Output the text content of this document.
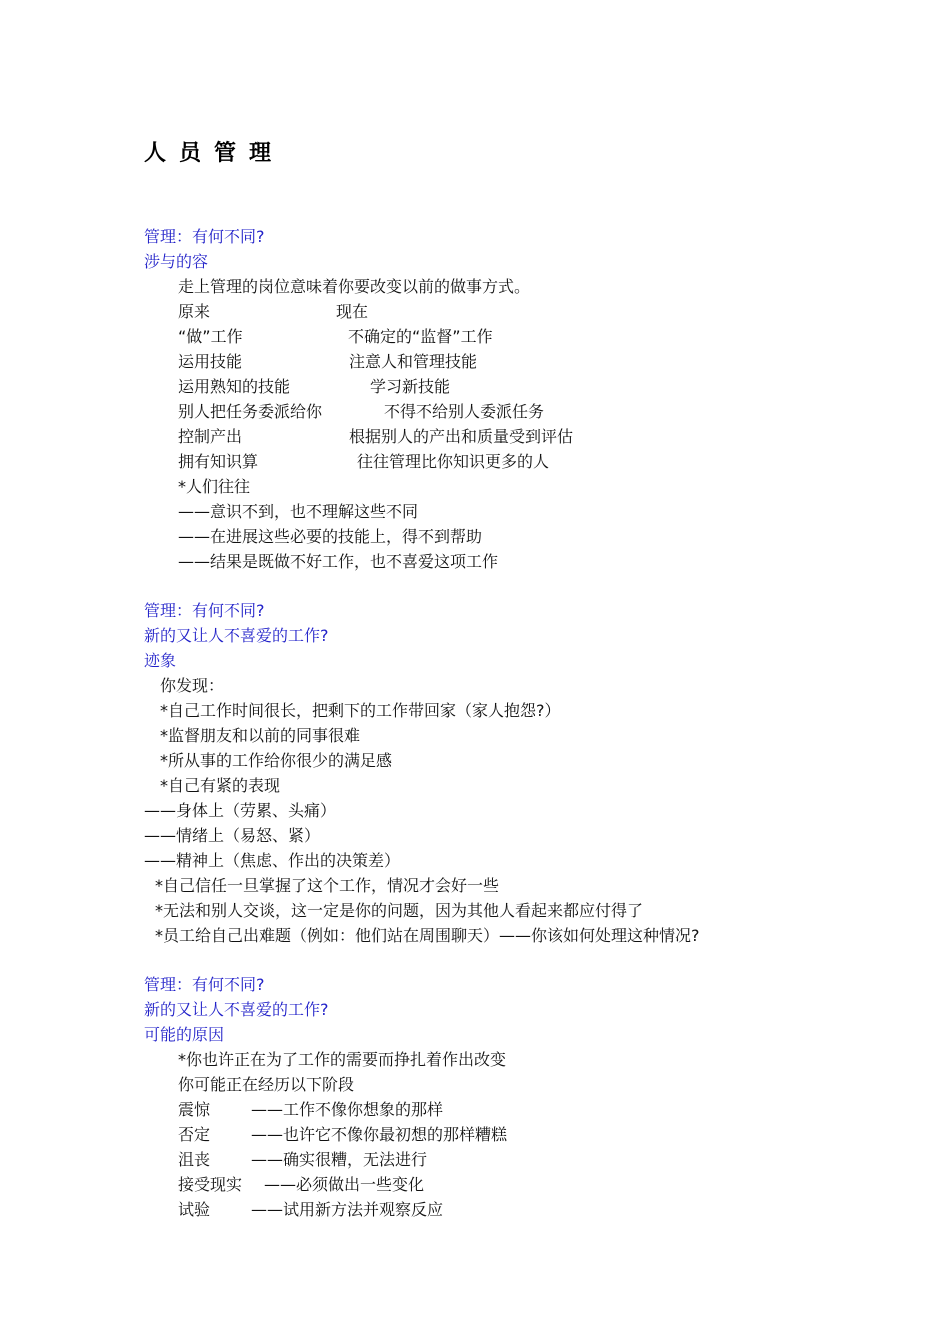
人员管理
管理：有何不同?
涉与的容
走上管理的岗位意味着你要改变以前的做事方式。
原来	现在
“做”工作	不确定的“监督”工作
运用技能	注意人和管理技能
运用熟知的技能	学习新技能
别人把任务委派给你	不得不给别人委派任务
控制产出	根据别人的产出和质量受到评估
拥有知识算	往往管理比你知识更多的人
*人们往往
——意识不到，也不理解这些不同
——在进展这些必要的技能上，得不到帮助
——结果是既做不好工作，也不喜爱这项工作
管理：有何不同?
新的又让人不喜爱的工作?
迹象
你发现：
*自己工作时间很长，把剩下的工作带回家（家人抱怨?）
*监督朋友和以前的同事很难
*所从事的工作给你很少的满足感
*自己有紧的表现
——身体上（劳累、头痛）
——情绪上（易怒、紧）
——精神上（焦虑、作出的决策差）
*自己信任一旦掌握了这个工作，情况才会好一些
*无法和别人交谈，这一定是你的问题，因为其他人看起来都应付得了
*员工给自己出难题（例如：他们站在周围聊天）——你该如何处理这种情况?
管理：有何不同?
新的又让人不喜爱的工作?
可能的原因
*你也许正在为了工作的需要而挣扎着作出改变
你可能正在经历以下阶段
震惊	——工作不像你想象的那样
否定	——也许它不像你最初想的那样糟糕
沮丧	——确实很糟，无法进行
接受现实 ——必须做出一些变化
试验	——试用新方法并观察反应
